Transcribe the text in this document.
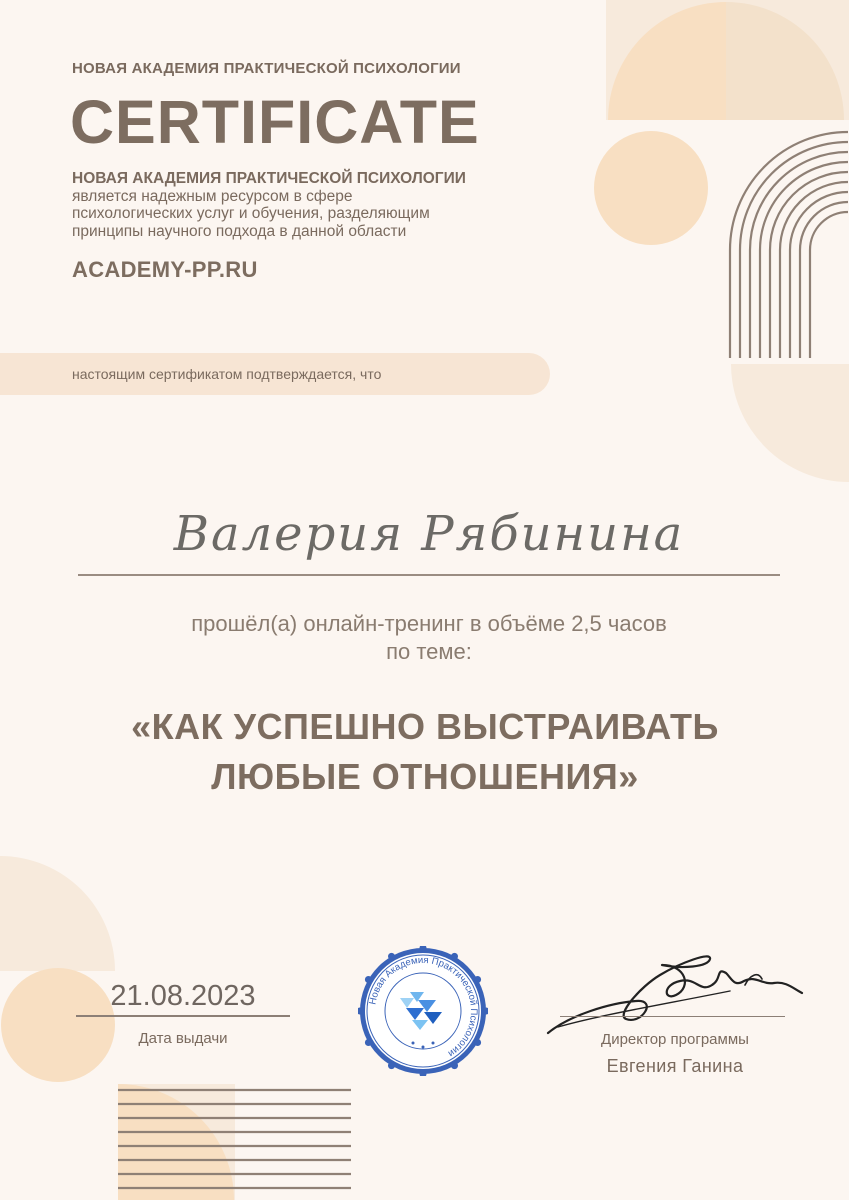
НОВАЯ АКАДЕМИЯ ПРАКТИЧЕСКОЙ ПСИХОЛОГИИ
CERTIFICATE
НОВАЯ АКАДЕМИЯ ПРАКТИЧЕСКОЙ ПСИХОЛОГИИ
является надежным ресурсом в сфере
психологических услуг и обучения, разделяющим
принципы научного подхода в данной области
ACADEMY-PP.RU
настоящим сертификатом подтверждается, что
Валерия Рябинина
прошёл(а) онлайн-тренинг в объёме 2,5 часов
по теме:
«КАК УСПЕШНО ВЫСТРАИВАТЬ
ЛЮБЫЕ ОТНОШЕНИЯ»
21.08.2023
Дата выдачи
Новая Академия Практической Психологии
Директор программы
Евгения Ганина
